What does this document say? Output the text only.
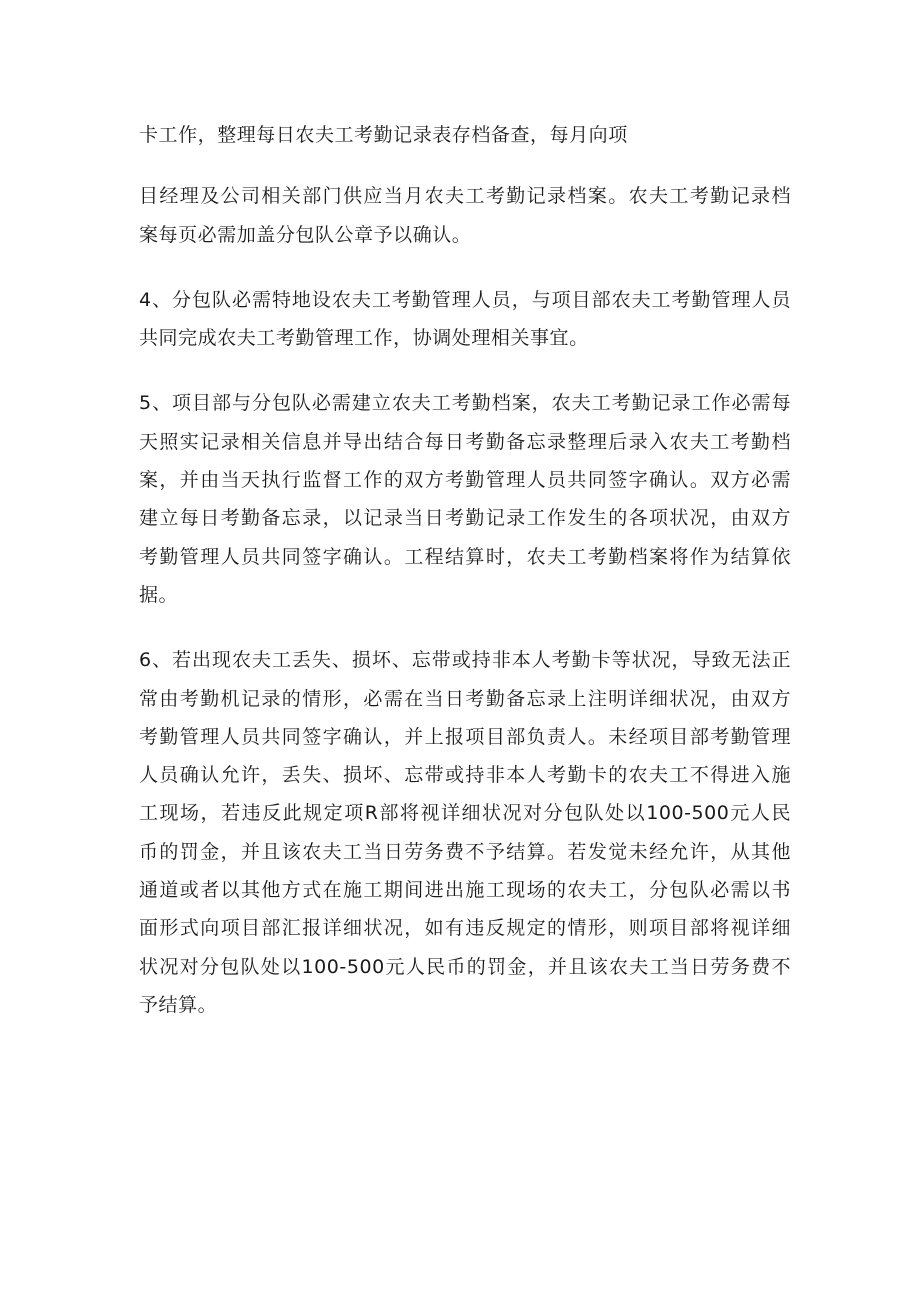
卡工作，整理每日农夫工考勤记录表存档备查，每月向项
目经理及公司相关部门供应当月农夫工考勤记录档案。农夫工考勤记录档
案每页必需加盖分包队公章予以确认。
4、分包队必需特地设农夫工考勤管理人员，与项目部农夫工考勤管理人员
共同完成农夫工考勤管理工作，协调处理相关事宜。
5、项目部与分包队必需建立农夫工考勤档案，农夫工考勤记录工作必需每
天照实记录相关信息并导出结合每日考勤备忘录整理后录入农夫工考勤档
案，并由当天执行监督工作的双方考勤管理人员共同签字确认。双方必需
建立每日考勤备忘录，以记录当日考勤记录工作发生的各项状况，由双方
考勤管理人员共同签字确认。工程结算时，农夫工考勤档案将作为结算依
据。
6、若出现农夫工丢失、损坏、忘带或持非本人考勤卡等状况，导致无法正
常由考勤机记录的情形，必需在当日考勤备忘录上注明详细状况，由双方
考勤管理人员共同签字确认，并上报项目部负责人。未经项目部考勤管理
人员确认允许，丢失、损坏、忘带或持非本人考勤卡的农夫工不得进入施
工现场，若违反此规定项R部将视详细状况对分包队处以100-500元人民
币的罚金，并且该农夫工当日劳务费不予结算。若发觉未经允许，从其他
通道或者以其他方式在施工期间进出施工现场的农夫工，分包队必需以书
面形式向项目部汇报详细状况，如有违反规定的情形，则项目部将视详细
状况对分包队处以100-500元人民币的罚金，并且该农夫工当日劳务费不
予结算。
